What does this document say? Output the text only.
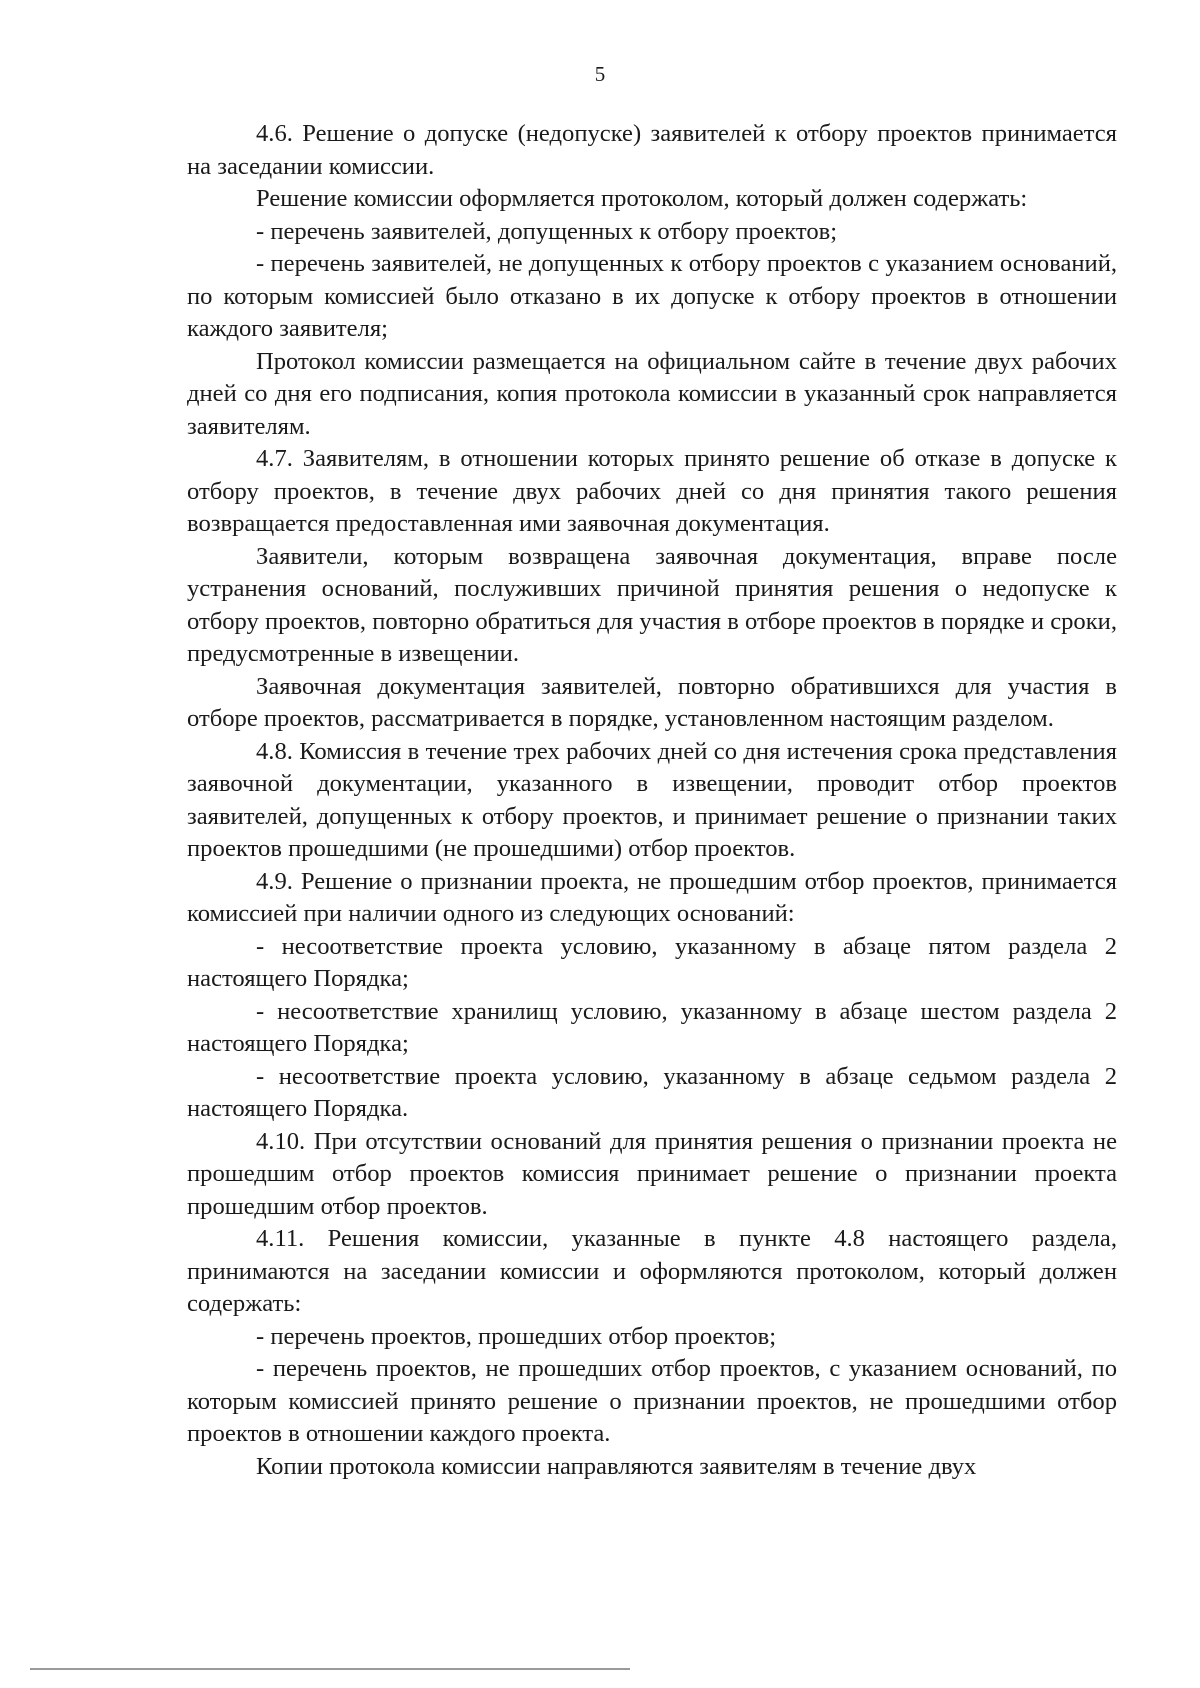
5

4.6. Решение о допуске (недопуске) заявителей к отбору проектов принимается на заседании комиссии.

Решение комиссии оформляется протоколом, который должен содержать:

- перечень заявителей, допущенных к отбору проектов;

- перечень заявителей, не допущенных к отбору проектов с указанием оснований, по которым комиссией было отказано в их допуске к отбору проектов в отношении каждого заявителя;

Протокол комиссии размещается на официальном сайте в течение двух рабочих дней со дня его подписания, копия протокола комиссии в указанный срок направляется заявителям.

4.7. Заявителям, в отношении которых принято решение об отказе в допуске к отбору проектов, в течение двух рабочих дней со дня принятия такого решения возвращается предоставленная ими заявочная документация.

Заявители, которым возвращена заявочная документация, вправе после устранения оснований, послуживших причиной принятия решения о недопуске к отбору проектов, повторно обратиться для участия в отборе проектов в порядке и сроки, предусмотренные в извещении.

Заявочная документация заявителей, повторно обратившихся для участия в отборе проектов, рассматривается в порядке, установленном настоящим разделом.

4.8. Комиссия в течение трех рабочих дней со дня истечения срока представления заявочной документации, указанного в извещении, проводит отбор проектов заявителей, допущенных к отбору проектов, и принимает решение о признании таких проектов прошедшими (не прошедшими) отбор проектов.

4.9. Решение о признании проекта, не прошедшим отбор проектов, принимается комиссией при наличии одного из следующих оснований:

- несоответствие проекта условию, указанному в абзаце пятом раздела 2 настоящего Порядка;

- несоответствие хранилищ условию, указанному в абзаце шестом раздела 2 настоящего Порядка;

- несоответствие проекта условию, указанному в абзаце седьмом раздела 2 настоящего Порядка.

4.10. При отсутствии оснований для принятия решения о признании проекта не прошедшим отбор проектов комиссия принимает решение о признании проекта прошедшим отбор проектов.

4.11. Решения комиссии, указанные в пункте 4.8 настоящего раздела, принимаются на заседании комиссии и оформляются протоколом, который должен содержать:

- перечень проектов, прошедших отбор проектов;

- перечень проектов, не прошедших отбор проектов, с указанием оснований, по которым комиссией принято решение о признании проектов, не прошедшими отбор проектов в отношении каждого проекта.

Копии протокола комиссии направляются заявителям в течение двух
